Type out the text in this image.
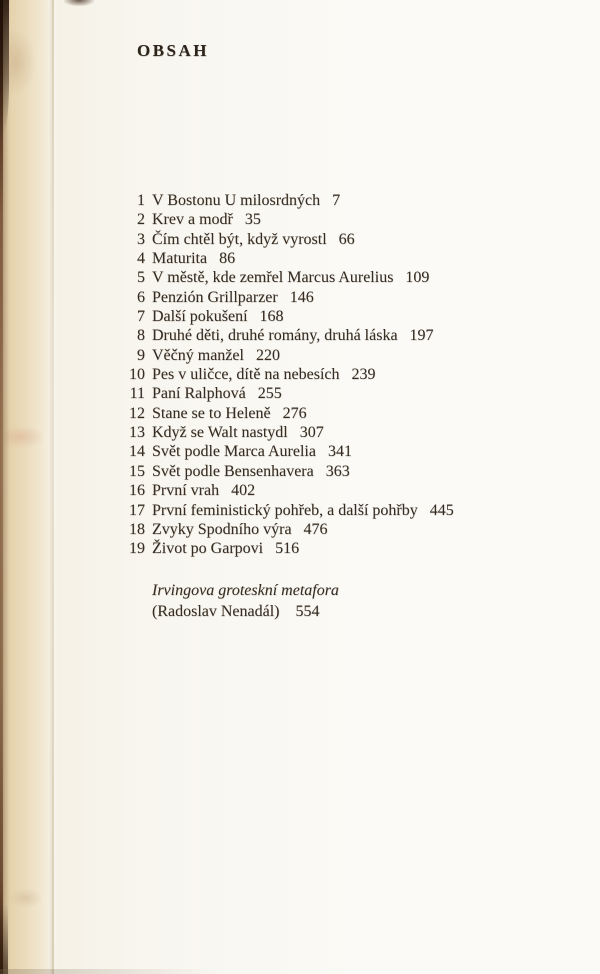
OBSAH
1 V Bostonu U milosrdných 7
2 Krev a modř 35
3 Čím chtěl být, když vyrostl 66
4 Maturita 86
5 V městě, kde zemřel Marcus Aurelius 109
6 Penzión Grillparzer 146
7 Další pokušení 168
8 Druhé děti, druhé romány, druhá láska 197
9 Věčný manžel 220
10 Pes v uličce, dítě na nebesích 239
11 Paní Ralphová 255
12 Stane se to Heleně 276
13 Když se Walt nastydl 307
14 Svět podle Marca Aurelia 341
15 Svět podle Bensenhavera 363
16 První vrah 402
17 První feministický pohřeb, a další pohřby 445
18 Zvyky Spodního výra 476
19 Život po Garpovi 516
Irvingova groteskní metafora
(Radoslav Nenadál) 554
